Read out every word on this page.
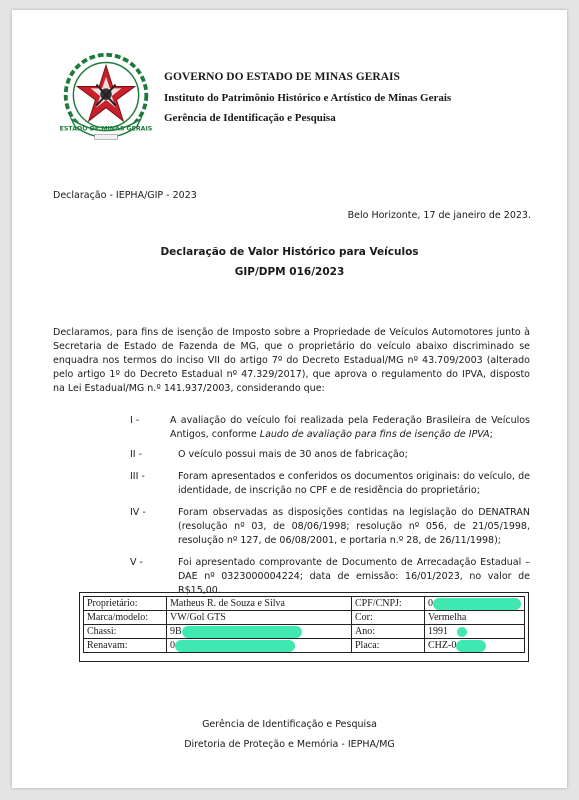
ESTADO DE MINAS GERAIS
GOVERNO DO ESTADO DE MINAS GERAIS
Instituto do Patrimônio Histórico e Artístico de Minas Gerais
Gerência de Identificação e Pesquisa
Declaração - IEPHA/GIP - 2023
Belo Horizonte, 17 de janeiro de 2023.
Declaração de Valor Histórico para Veículos
GIP/DPM 016/2023
Declaramos, para fins de isenção de Imposto sobre a Propriedade de Veículos Automotores junto à Secretaria de Estado de Fazenda de MG, que o proprietário do veículo abaixo discriminado se enquadra nos termos do inciso VII do artigo 7º do Decreto Estadual/MG nº 43.709/2003 (alterado pelo artigo 1º do Decreto Estadual nº 47.329/2017), que aprova o regulamento do IPVA, disposto na Lei Estadual/MG n.º 141.937/2003, considerando que:
I -	A avaliação do veículo foi realizada pela Federação Brasileira de Veículos Antigos, conforme Laudo de avaliação para fins de isenção de IPVA;
II -	O veículo possui mais de 30 anos de fabricação;
III -	Foram apresentados e conferidos os documentos originais: do veículo, de identidade, de inscrição no CPF e de residência do proprietário;
IV -	Foram observadas as disposições contidas na legislação do DENATRAN (resolução nº 03, de 08/06/1998; resolução nº 056, de 21/05/1998, resolução nº 127, de 06/08/2001, e portaria n.º 28, de 26/11/1998);
V -	Foi apresentado comprovante de Documento de Arrecadação Estadual – DAE nº 0323000004224; data de emissão: 16/01/2023, no valor de R$15,00.
Proprietário:	Matheus R. de Souza e Silva	CPF/CNPJ:	0
Marca/modelo:	VW/Gol GTS	Cor:	Vermelha
Chassi:	9B	Ano:	1991
Renavam:	0	Placa:	CHZ-0
Gerência de Identificação e Pesquisa
Diretoria de Proteção e Memória - IEPHA/MG
